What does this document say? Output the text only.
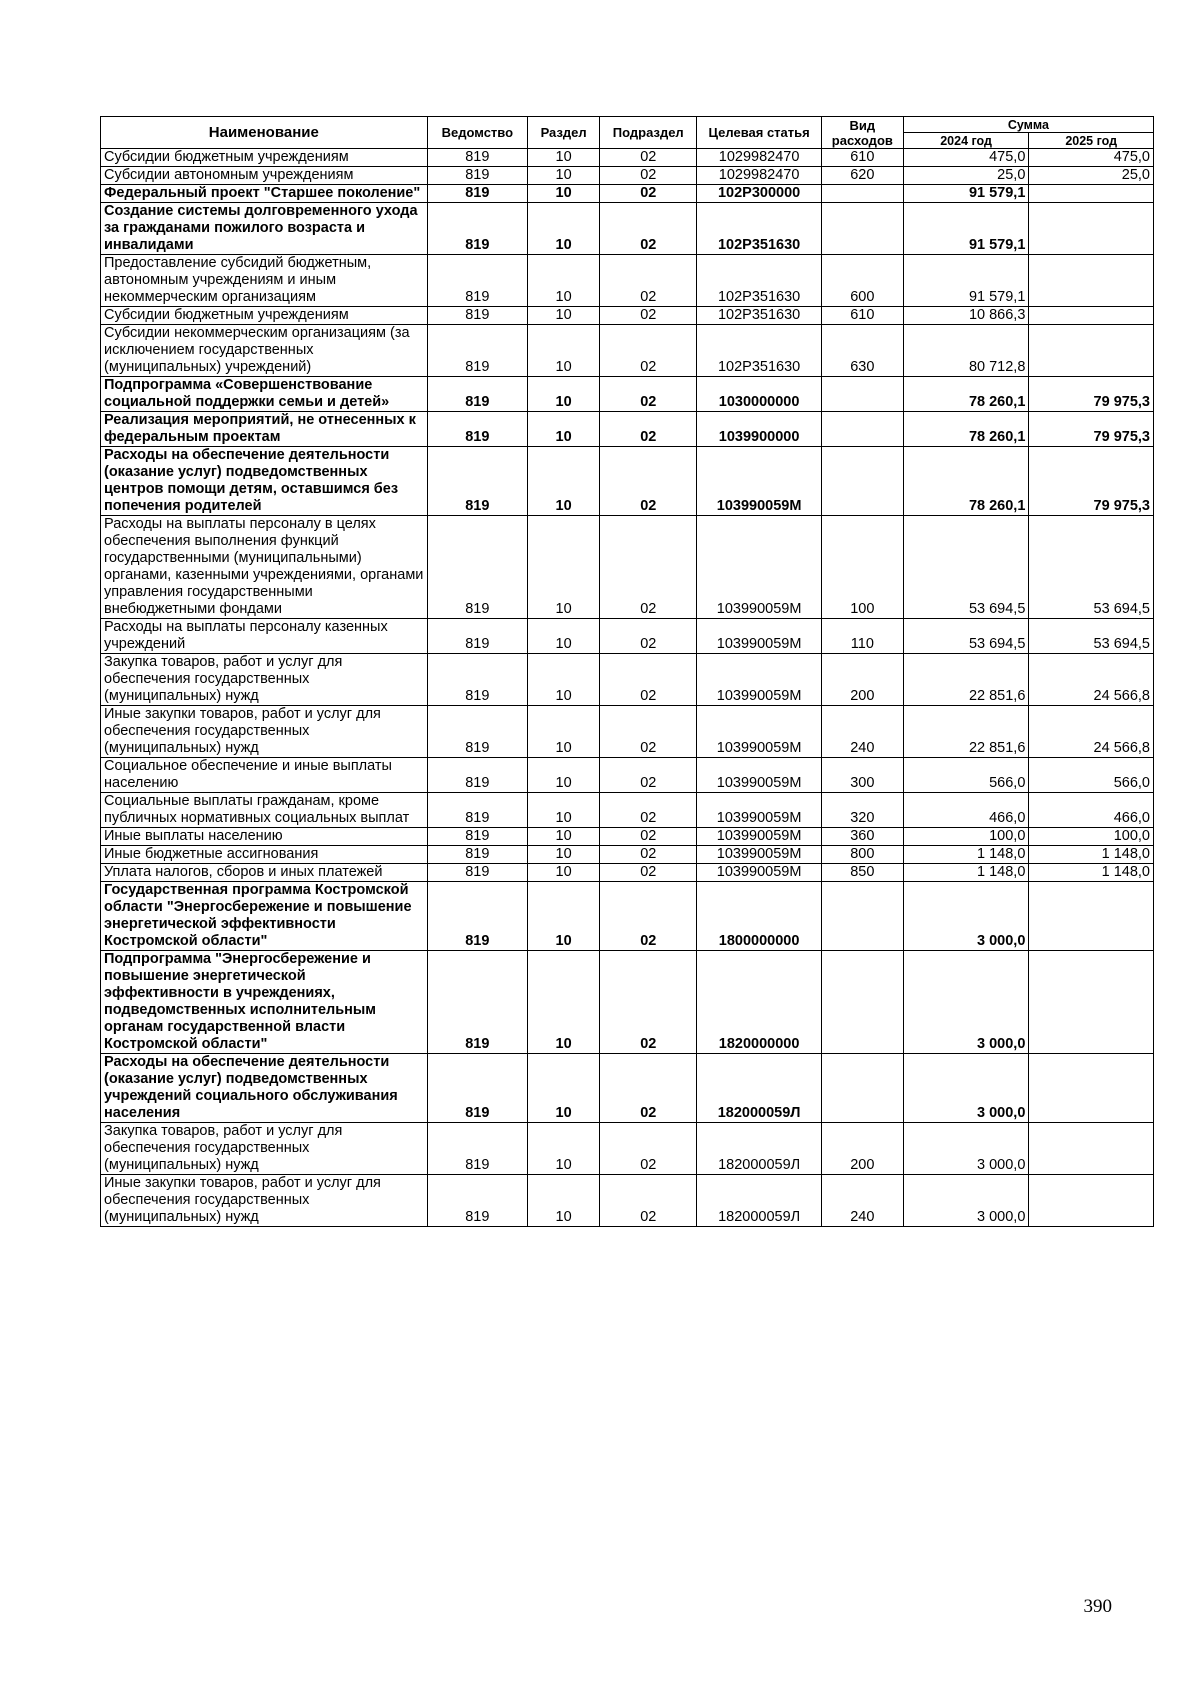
Наименование	Ведомство	Раздел	Подраздел	Целевая статья	Вид расходов	Сумма	
						2024 год	2025 год
Субсидии бюджетным учреждениям	819	10	02	1029982470	610	475,0	475,0
Субсидии автономным учреждениям	819	10	02	1029982470	620	25,0	25,0
Федеральный проект "Старшее поколение"	819	10	02	102P300000		91 579,1	
Создание системы долговременного ухода за гражданами пожилого возраста и инвалидами	819	10	02	102P351630		91 579,1	
Предоставление субсидий бюджетным, автономным учреждениям и иным некоммерческим организациям	819	10	02	102P351630	600	91 579,1	
Субсидии бюджетным учреждениям	819	10	02	102P351630	610	10 866,3	
Субсидии некоммерческим организациям (за исключением государственных (муниципальных) учреждений)	819	10	02	102P351630	630	80 712,8	
Подпрограмма «Совершенствование социальной поддержки семьи и детей»	819	10	02	1030000000		78 260,1	79 975,3
Реализация мероприятий, не отнесенных к федеральным проектам	819	10	02	1039900000		78 260,1	79 975,3
Расходы на обеспечение деятельности (оказание услуг) подведомственных центров помощи детям, оставшимся без попечения родителей	819	10	02	103990059М		78 260,1	79 975,3
Расходы на выплаты персоналу в целях обеспечения выполнения функций государственными (муниципальными) органами, казенными учреждениями, органами управления государственными внебюджетными фондами	819	10	02	103990059М	100	53 694,5	53 694,5
Расходы на выплаты персоналу казенных учреждений	819	10	02	103990059М	110	53 694,5	53 694,5
Закупка товаров, работ и услуг для обеспечения государственных (муниципальных) нужд	819	10	02	103990059М	200	22 851,6	24 566,8
Иные закупки товаров, работ и услуг для обеспечения государственных (муниципальных) нужд	819	10	02	103990059М	240	22 851,6	24 566,8
Социальное обеспечение и иные выплаты населению	819	10	02	103990059М	300	566,0	566,0
Социальные выплаты гражданам, кроме публичных нормативных социальных выплат	819	10	02	103990059М	320	466,0	466,0
Иные выплаты населению	819	10	02	103990059М	360	100,0	100,0
Иные бюджетные ассигнования	819	10	02	103990059М	800	1 148,0	1 148,0
Уплата налогов, сборов и иных платежей	819	10	02	103990059М	850	1 148,0	1 148,0
Государственная программа Костромской области "Энергосбережение и повышение энергетической эффективности Костромской области"	819	10	02	1800000000		3 000,0	
Подпрограмма "Энергосбережение и повышение энергетической эффективности в учреждениях, подведомственных исполнительным органам государственной власти Костромской области"	819	10	02	1820000000		3 000,0	
Расходы на обеспечение деятельности (оказание услуг) подведомственных учреждений социального обслуживания населения	819	10	02	182000059Л		3 000,0	
Закупка товаров, работ и услуг для обеспечения государственных (муниципальных) нужд	819	10	02	182000059Л	200	3 000,0	
Иные закупки товаров, работ и услуг для обеспечения государственных (муниципальных) нужд	819	10	02	182000059Л	240	3 000,0	
390
